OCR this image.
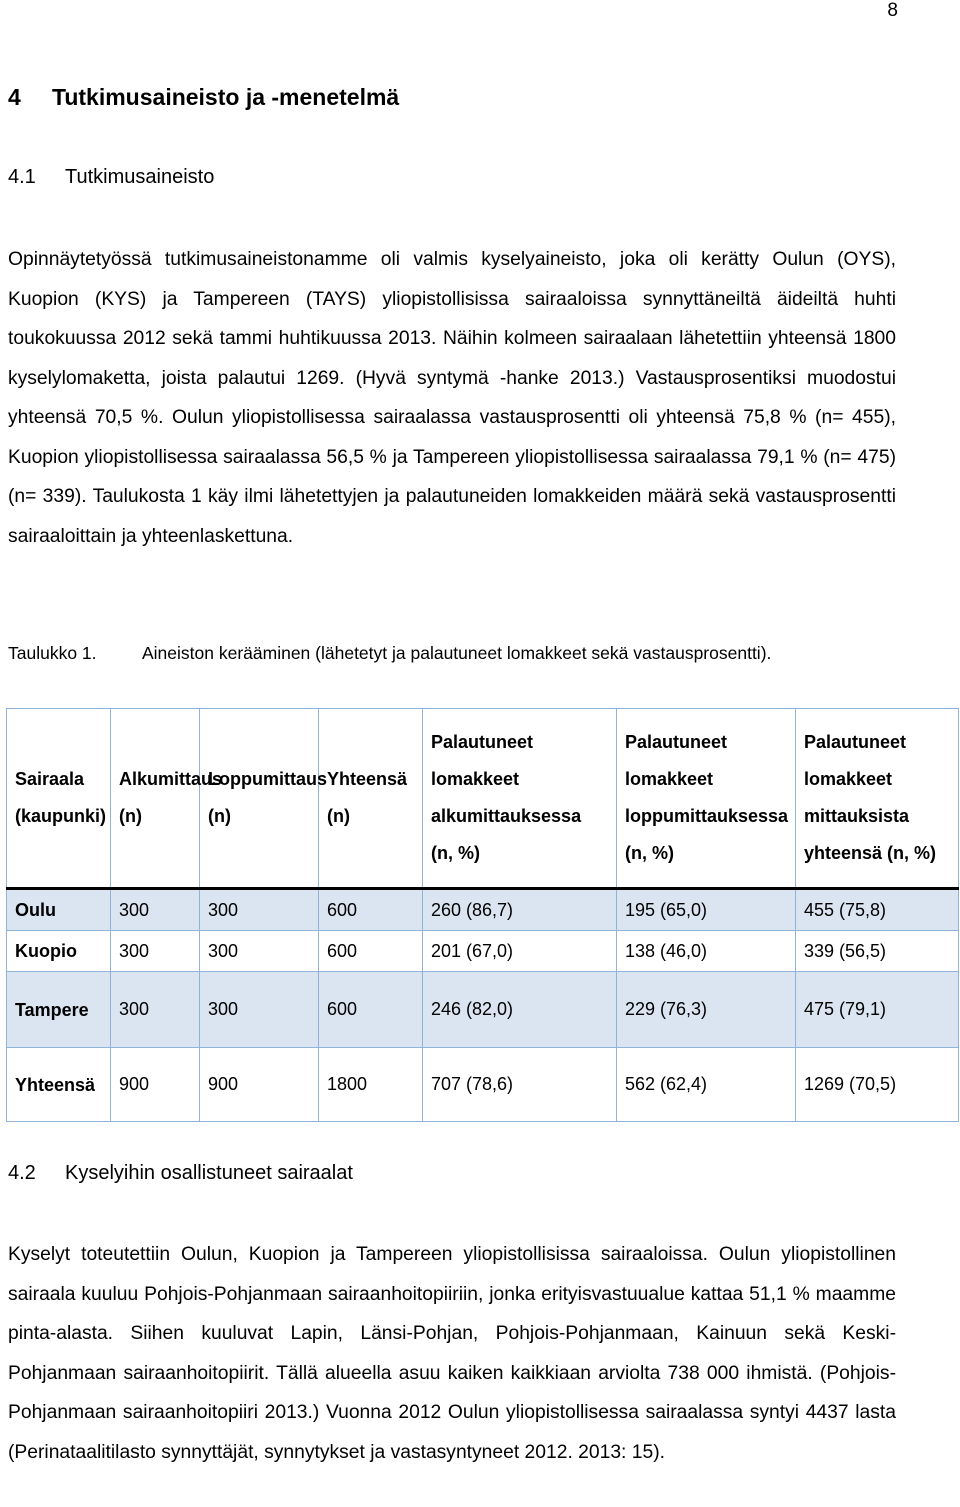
8
4 Tutkimusaineisto ja -menetelmä
4.1 Tutkimusaineisto

Opinnäytetyössä tutkimusaineistonamme oli valmis kyselyaineisto, joka oli kerätty Oulun (OYS), Kuopion (KYS) ja Tampereen (TAYS) yliopistollisissa sairaaloissa synnyttäneiltä äideiltä huhti toukokuussa 2012 sekä tammi huhtikuussa 2013. Näihin kolmeen sairaalaan lähetettiin yhteensä 1800 kyselylomaketta, joista palautui 1269. (Hyvä syntymä -hanke 2013.) Vastausprosentiksi muodostui yhteensä 70,5 %. Oulun yliopistollisessa sairaalassa vastausprosentti oli yhteensä 75,8 % (n= 455), Kuopion yliopistollisessa sairaalassa 56,5 % ja Tampereen yliopistollisessa sairaalassa 79,1 % (n= 475) (n= 339). Taulukosta 1 käy ilmi lähetettyjen ja palautuneiden lomakkeiden määrä sekä vastausprosentti sairaaloittain ja yhteenlaskettuna.

Taulukko 1.	Aineiston kerääminen (lähetetyt ja palautuneet lomakkeet sekä vastausprosentti).
Sairaala (kaupunki)	Alkumittaus (n)	Loppumittaus (n)	Yhteensä (n)	Palautuneet lomakkeet alkumittauksessa (n, %)	Palautuneet lomakkeet loppumittauksessa (n, %)	Palautuneet lomakkeet mittauksista yhteensä (n, %)
Oulu	300	300	600	260 (86,7)	195 (65,0)	455 (75,8)
Kuopio	300	300	600	201 (67,0)	138 (46,0)	339 (56,5)
Tampere	300	300	600	246 (82,0)	229 (76,3)	475 (79,1)
Yhteensä	900	900	1800	707 (78,6)	562 (62,4)	1269 (70,5)
4.2 Kyselyihin osallistuneet sairaalat

Kyselyt toteutettiin Oulun, Kuopion ja Tampereen yliopistollisissa sairaaloissa. Oulun yliopistollinen sairaala kuuluu Pohjois-Pohjanmaan sairaanhoitopiiriin, jonka erityisvastuualue kattaa 51,1 % maamme pinta-alasta. Siihen kuuluvat Lapin, Länsi-Pohjan, Pohjois-Pohjanmaan, Kainuun sekä Keski-Pohjanmaan sairaanhoitopiirit. Tällä alueella asuu kaiken kaikkiaan arviolta 738 000 ihmistä. (Pohjois-Pohjanmaan sairaanhoitopiiri 2013.) Vuonna 2012 Oulun yliopistollisessa sairaalassa syntyi 4437 lasta (Perinataalitilasto synnyttäjät, synnytykset ja vastasyntyneet 2012. 2013: 15).
